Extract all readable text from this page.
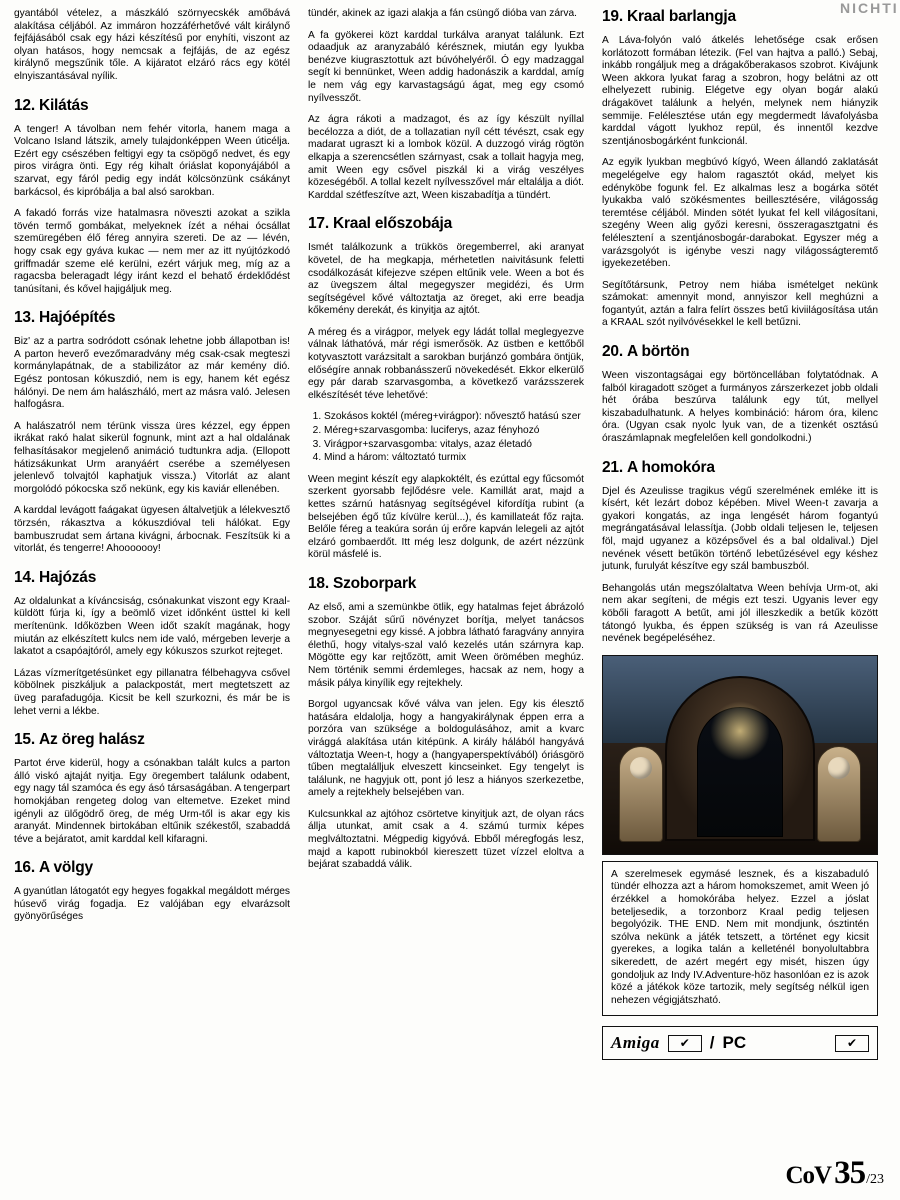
NICHTI

gyantából vételez, a mászkáló szörnyecskék amőbává alakítása céljából. Az immáron hozzáférhetővé vált királynő fejfájásából csak egy házi készítésű por enyhíti, viszont az olyan hatásos, hogy nemcsak a fejfájás, de az egész királynő megszűnik tőle. A kijáratot elzáró rács egy kötél elnyiszantásával nyílik.

12. Kilátás

A tenger! A távolban nem fehér vitorla, hanem maga a Volcano Island látszik, amely tulajdonképpen Ween úticélja. Ezért egy csészében feltigyi egy ta csöpögő nedvet, és egy piros virágra önti. Egy rég kihalt óriáslat koponyájából a szarvat, egy fáról pedig egy indát kölcsönzünk csákányt barkácsol, és kipróbálja a bal alsó sarokban.

A fakadó forrás vize hatalmasra növeszti azokat a szikla tövén termő gombákat, melyeknek ízét a néhai ócsállat szemüregében élő féreg annyira szereti. De az — lévén, hogy csak egy gyáva kukac — nem mer az itt nyújtózkodó griffmadár szeme elé kerülni, ezért várjuk meg, míg az a ragacsba beleragadt légy iránt kezd el behatő érdeklődést tanúsítani, és kővel hajigáljuk meg.

13. Hajóépítés

Biz' az a partra sodródott csónak lehetne jobb állapotban is! A parton heverő evezőmaradvány még csak-csak megteszi kormánylapátnak, de a stabilizátor az már kemény dió. Egész pontosan kókuszdió, nem is egy, hanem két egész hálónyi. De nem ám halászháló, mert az másra való. Jelesen halfogásra.

A halászatról nem térünk vissza üres kézzel, egy éppen ikrákat rakó halat sikerül fognunk, mint azt a hal oldalának felhasításakor megjelenő animáció tudtunkra adja. (Ellopott hátizsákunkat Urm aranyáért cserébe a személyesen jelenlevő tolvajtól kaphatjuk vissza.) Vitorlát az alant morgolódó pókocska sző nekünk, egy kis kaviár ellenében.

A karddal levágott faágakat ügyesen általvetjük a lélekvesztő törzsén, rákasztva a kókuszdióval teli hálókat. Egy bambuszrudat sem ártana kivágni, árbocnak. Feszítsük ki a vitorlát, és tengerre! Ahooooooy!

14. Hajózás

Az oldalunkat a kíváncsiság, csónakunkat viszont egy Kraal-küldött fúrja ki, így a beömlő vizet időnként üsttel ki kell merítenünk. Időközben Ween időt szakít magának, hogy miután az elkészített kulcs nem ide való, mérgeben leverje a lakatot a csapóajtóról, amely egy kókuszos szurkot rejteget.

Lázas vízmerítgetésünket egy pillanatra félbehagyva csővel köbölnek piszkáljuk a palackpostát, mert megtetszett az üveg parafadugója. Kicsit be kell szurkozni, és már be is lehet verni a lékbe.

15. Az öreg halász

Partot érve kiderül, hogy a csónakban talált kulcs a parton álló viskó ajtaját nyitja. Egy öregembert találunk odabent, egy nagy tál szamóca és egy ásó társaságában. A tengerpart homokjában rengeteg dolog van eltemetve. Ezeket mind igényli az ülőgödrő öreg, de még Urm-től is akar egy kis aranyát. Mindennek birtokában eltűnik székestől, szabaddá téve a bejáratot, amit karddal kell kifaragni.

16. A völgy

A gyanútlan látogatót egy hegyes fogakkal megáldott mérges húsevő virág fogadja. Ez valójában egy elvarázsolt gyönyörűséges

tündér, akinek az igazi alakja a fán csüngő dióba van zárva.

A fa gyökerei közt karddal turkálva aranyat találunk. Ezt odaadjuk az aranyzabáló kérésznek, miután egy lyukba benézve kiugrasztottuk azt búvóhelyéről. Ó egy madzaggal segít ki bennünket, Ween addig hadonászik a karddal, amíg le nem vág egy karvastagságú ágat, meg egy csomó nyílvesszőt.

Az ágra rákoti a madzagot, és az így készült nyíllal becélozza a diót, de a tollazatian nyíl cétt tévészt, csak egy madarat ugraszt ki a lombok közül. A duzzogó virág rögtön elkapja a szerencsétlen szárnyast, csak a tollait hagyja meg, amit Ween egy csővel piszkál ki a virág veszélyes közeségéből. A tollal kezelt nyílvesszővel már eltalálja a diót. Karddal szétfeszítve azt, Ween kiszabadítja a tündért.

17. Kraal előszobája

Ismét találkozunk a trükkös öregemberrel, aki aranyat követel, de ha megkapja, mérhetetlen naivitásunk feletti csodálkozását kifejezve szépen eltűnik vele. Ween a bot és az üvegszem által megegyszer megidézi, és Urm segítségével kővé változtatja az öreget, aki erre beadja kőkemény derekát, és kinyitja az ajtót.

A méreg és a virágpor, melyek egy ládát tollal meglegyezve válnak láthatóvá, már régi ismerősök. Az üstben e kettőből kotyvasztott varázsitalt a sarokban burjánzó gombára öntjük, előségíre annak robbanásszerű növekedését. Ekkor elkerülő egy pár darab szarvasgomba, a következő varázsszerek elkészítését téve lehetővé:

1. Szokásos koktél (méreg+virágpor): nővesztő hatású szer
2. Méreg+szarvasgomba: luciferys, azaz fényhozó
3. Virágpor+szarvasgomba: vitalys, azaz életadó
4. Mind a három: változtató turmix

Ween megint készít egy alapkoktélt, és ezúttal egy fűcsomót szerkent gyorsabb fejlődésre vele. Kamillát arat, majd a kettes szárnú hatásnyag segítségével kifordítja rubint (a belsejében égő tűz kívülre kerül...), és kamillateát főz rajta. Belőle féreg a teakúra során új erőre kapván lelegeli az ajtót elzáró gombaerdőt. Itt még lesz dolgunk, de azért nézzünk körül másfelé is.

18. Szoborpark

Az első, ami a szemünkbe ötlik, egy hatalmas fejet ábrázoló szobor. Száját sűrű növényzet borítja, melyet tanácsos megnyesegetni egy kissé. A jobbra látható faragvány annyira élethű, hogy vitalys-szal való kezelés után szárnyra kap. Mögötte egy kar rejtőzött, amit Ween örömében meghúz. Nem történik semmi érdemleges, hacsak az nem, hogy a másik pálya kinyílik egy rejtekhely.

Borgol ugyancsak kővé válva van jelen. Egy kis élesztő hatására eldalolja, hogy a hangyakirálynak éppen erra a porzóra van szüksége a boldogulásához, amit a kvarc virággá alakítása után kitépünk. A király hálából hangyává változtatja Ween-t, hogy a (hangyaperspektívából) óriásgörö tűben megtalálljuk elveszett kincseinket. Egy tengelyt is találunk, ne hagyjuk ott, pont jó lesz a hiányos szerkezetbe, amely a rejtekhely belsejében van.

Kulcsunkkal az ajtóhoz csörtetve kinyitjuk azt, de olyan rács állja utunkat, amit csak a 4. számú turmix képes meglváltoztatni. Mégpedig kigyóvá. Ebből méregfogás lesz, majd a kapott rubinokból kiereszett tüzet vízzel eloltva a bejárat szabaddá válik.

19. Kraal barlangja

A Láva-folyón való átkelés lehetősége csak erősen korlátozott formában létezik. (Fel van hajtva a palló.) Sebaj, inkább rongáljuk meg a drágakőberakasos szobrot. Kivájunk Ween akkora lyukat farag a szobron, hogy belátni az ott elhelyezett rubinig. Elégetve egy olyan bogár alakú drágakövet találunk a helyén, melynek nem hiányzik semmije. Felélesztése után egy megdermedt lávafolyásba karddal vágott lyukhoz repül, és innentől kezdve szentjánosbogárként funkcionál.

Az egyik lyukban megbúvó kígyó, Ween állandó zaklatását megelégelve egy halom ragasztót okád, melyet kis edényköbe fogunk fel. Ez alkalmas lesz a bogárka sötét lyukakba való szökésmentes beillesztésére, világosság teremtése céljából. Minden sötét lyukat fel kell világosítani, szegény Ween alig győzi keresni, összeragasztgatni és felélesztení a szentjánosbogár-darabokat. Egyszer még a varázsgolyót is igénybe veszi nagy világosságteremtő igyekezetében.

Segítőtársunk, Petroy nem hiába ismételget nekünk számokat: amennyit mond, annyiszor kell meghúzni a fogantyút, aztán a falra felírt összes betű kiviilágosítása után a KRAAL szót nyilvóvésekkel le kell betűzni.

20. A börtön

Ween viszontagságai egy börtöncellában folytatódnak. A falból kiragadott szöget a furmányos zárszerkezet jobb oldali hét órába beszúrva találunk egy tút, mellyel kiszabadulhatunk. A helyes kombináció: három óra, kilenc óra. (Ugyan csak nyolc lyuk van, de a tizenkét osztású óraszámlapnak megfelelően kell gondolkodni.)

21. A homokóra

Djel és Azeulisse tragikus végű szerelmének emléke itt is kísért, két lezárt doboz képében. Mivel Ween-t zavarja a gyakori kongatás, az inga lengését három fogantyú megrángatásával lelassítja. (Jobb oldali teljesen le, teljesen föl, majd ugyanez a középsővel és a bal oldalival.) Djel nevének vésett betűkön történő lebetűzésével egy késhez jutunk, furulyát készítve egy szál bambuszból.

Behangolás után megszólaltatva Ween behívja Urm-ot, aki nem akar segíteni, de mégis ezt teszi. Ugyanis lever egy köbőli faragott A betűt, ami jól illeszkedik a betűk között tátongó lyukba, és éppen szükség is van rá Azeulisse nevének begépeléséhez.

A szerelmesek egymásé lesznek, és a kiszabaduló tündér elhozza azt a három homokszemet, amit Ween jó érzékkel a homokórába helyez. Ezzel a jóslat beteljesedik, a torzonborz Kraal pedig teljesen begolyózik. THE END. Nem mit mondjunk, ósztintén szólva nekünk a játék tetszett, a történet egy kicsit gyerekes, a logika talán a kelleténél bonyolultabbra sikeredett, de azért megért egy misét, hiszen úgy gondoljuk az Indy IV.Adventure-höz hasonlóan ez is azok közé a játékok köze tartozik, mely segítség nélkül igen nehezen végigjátszható.

Amiga	✔	/ PC	✔
CoV 35 /23
